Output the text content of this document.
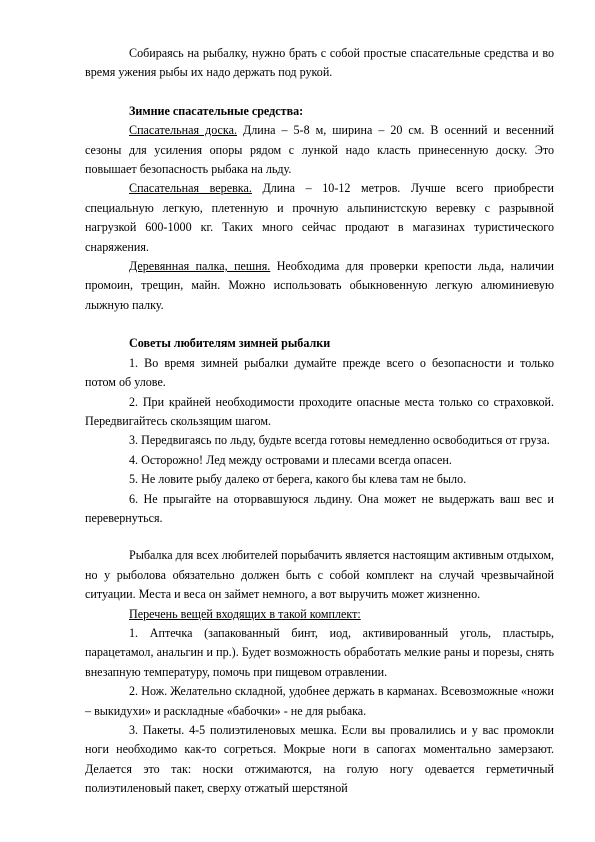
Собираясь на рыбалку, нужно брать с собой простые спасательные средства и во время ужения рыбы их надо держать под рукой.

Зимние спасательные средства:

Спасательная доска. Длина – 5-8 м, ширина – 20 см. В осенний и весенний сезоны для усиления опоры рядом с лункой надо класть принесенную доску. Это повышает безопасность рыбака на льду.

Спасательная веревка. Длина – 10-12 метров. Лучше всего приобрести специальную легкую, плетенную и прочную альпинистскую веревку с разрывной нагрузкой 600-1000 кг. Таких много сейчас продают в магазинах туристического снаряжения.

Деревянная палка, пешня. Необходима для проверки крепости льда, наличии промоин, трещин, майн. Можно использовать обыкновенную легкую алюминиевую лыжную палку.

Советы любителям зимней рыбалки

1. Во время зимней рыбалки думайте прежде всего о безопасности и только потом об улове.

2. При крайней необходимости проходите опасные места только со страховкой. Передвигайтесь скользящим шагом.

3. Передвигаясь по льду, будьте всегда готовы немедленно освободиться от груза.

4. Осторожно! Лед между островами и плесами всегда опасен.

5. Не ловите рыбу далеко от берега, какого бы клева там не было.

6. Не прыгайте на оторвавшуюся льдину. Она может не выдержать ваш вес и перевернуться.

Рыбалка для всех любителей порыбачить является настоящим активным отдыхом, но у рыболова обязательно должен быть с собой комплект на случай чрезвычайной ситуации. Места и веса он займет немного, а вот выручить может жизненно.

Перечень вещей входящих в такой комплект:

1. Аптечка (запакованный бинт, иод, активированный уголь, пластырь, парацетамол, анальгин и пр.). Будет возможность обработать мелкие раны и порезы, снять внезапную температуру, помочь при пищевом отравлении.

2. Нож. Желательно складной, удобнее держать в карманах. Всевозможные «ножи – выкидухи» и раскладные «бабочки» - не для рыбака.

3. Пакеты. 4-5 полиэтиленовых мешка. Если вы провалились и у вас промокли ноги необходимо как-то согреться. Мокрые ноги в сапогах моментально замерзают. Делается это так: носки отжимаются, на голую ногу одевается герметичный полиэтиленовый пакет, сверху отжатый шерстяной
